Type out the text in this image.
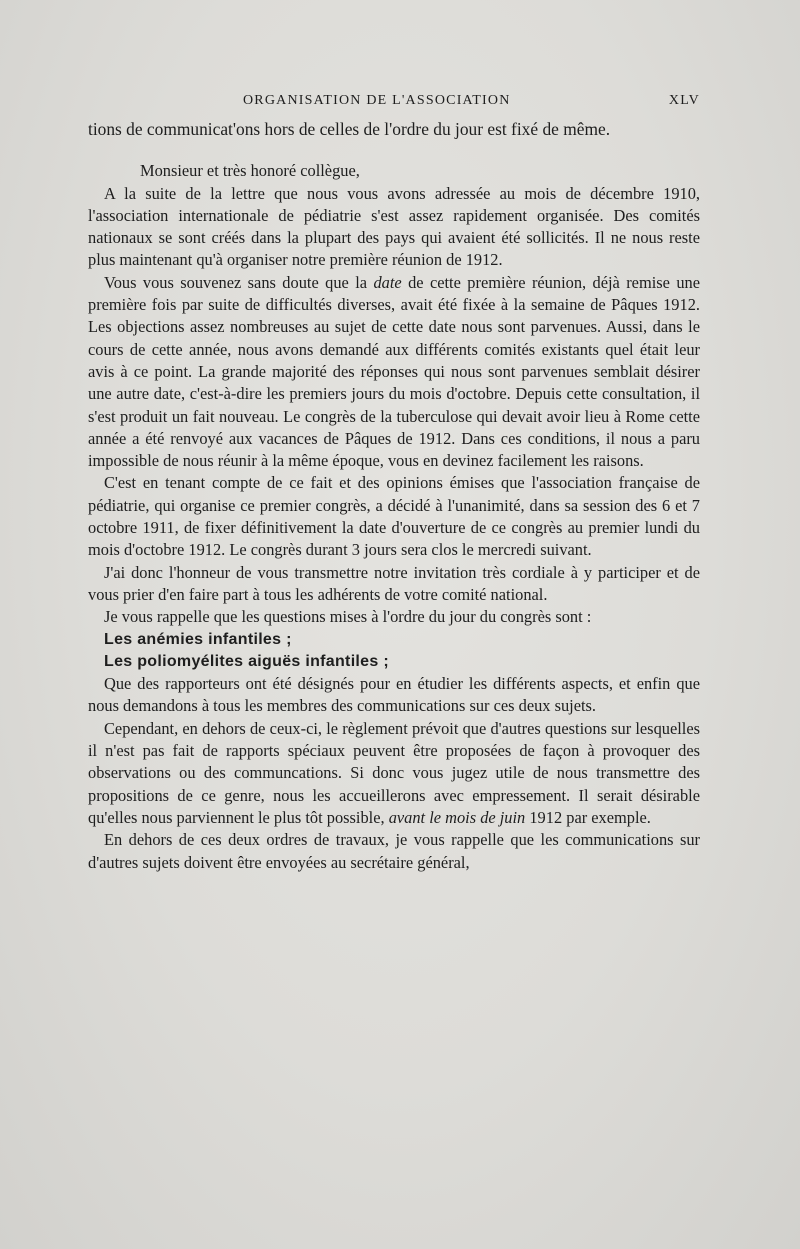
ORGANISATION DE L'ASSOCIATION	XLV

tions de communicat'ons hors de celles de l'ordre du jour est fixé de même.

Monsieur et très honoré collègue,

A la suite de la lettre que nous vous avons adressée au mois de décembre 1910, l'association internationale de pédiatrie s'est assez rapidement organisée. Des comités nationaux se sont créés dans la plupart des pays qui avaient été sollicités. Il ne nous reste plus maintenant qu'à organiser notre première réunion de 1912.

Vous vous souvenez sans doute que la date de cette première réunion, déjà remise une première fois par suite de difficultés diverses, avait été fixée à la semaine de Pâques 1912. Les objections assez nombreuses au sujet de cette date nous sont parvenues. Aussi, dans le cours de cette année, nous avons demandé aux différents comités existants quel était leur avis à ce point. La grande majorité des réponses qui nous sont parvenues semblait désirer une autre date, c'est-à-dire les premiers jours du mois d'octobre. Depuis cette consultation, il s'est produit un fait nouveau. Le congrès de la tuberculose qui devait avoir lieu à Rome cette année a été renvoyé aux vacances de Pâques de 1912. Dans ces conditions, il nous a paru impossible de nous réunir à la même époque, vous en devinez facilement les raisons.

C'est en tenant compte de ce fait et des opinions émises que l'association française de pédiatrie, qui organise ce premier congrès, a décidé à l'unanimité, dans sa session des 6 et 7 octobre 1911, de fixer définitivement la date d'ouverture de ce congrès au premier lundi du mois d'octobre 1912. Le congrès durant 3 jours sera clos le mercredi suivant.

J'ai donc l'honneur de vous transmettre notre invitation très cordiale à y participer et de vous prier d'en faire part à tous les adhérents de votre comité national.

Je vous rappelle que les questions mises à l'ordre du jour du congrès sont :

Les anémies infantiles ;

Les poliomyélites aiguës infantiles ;

Que des rapporteurs ont été désignés pour en étudier les différents aspects, et enfin que nous demandons à tous les membres des communications sur ces deux sujets.

Cependant, en dehors de ceux-ci, le règlement prévoit que d'autres questions sur lesquelles il n'est pas fait de rapports spéciaux peuvent être proposées de façon à provoquer des observations ou des communcations. Si donc vous jugez utile de nous transmettre des propositions de ce genre, nous les accueillerons avec empressement. Il serait désirable qu'elles nous parviennent le plus tôt possible, avant le mois de juin 1912 par exemple.

En dehors de ces deux ordres de travaux, je vous rappelle que les communications sur d'autres sujets doivent être envoyées au secrétaire général,
